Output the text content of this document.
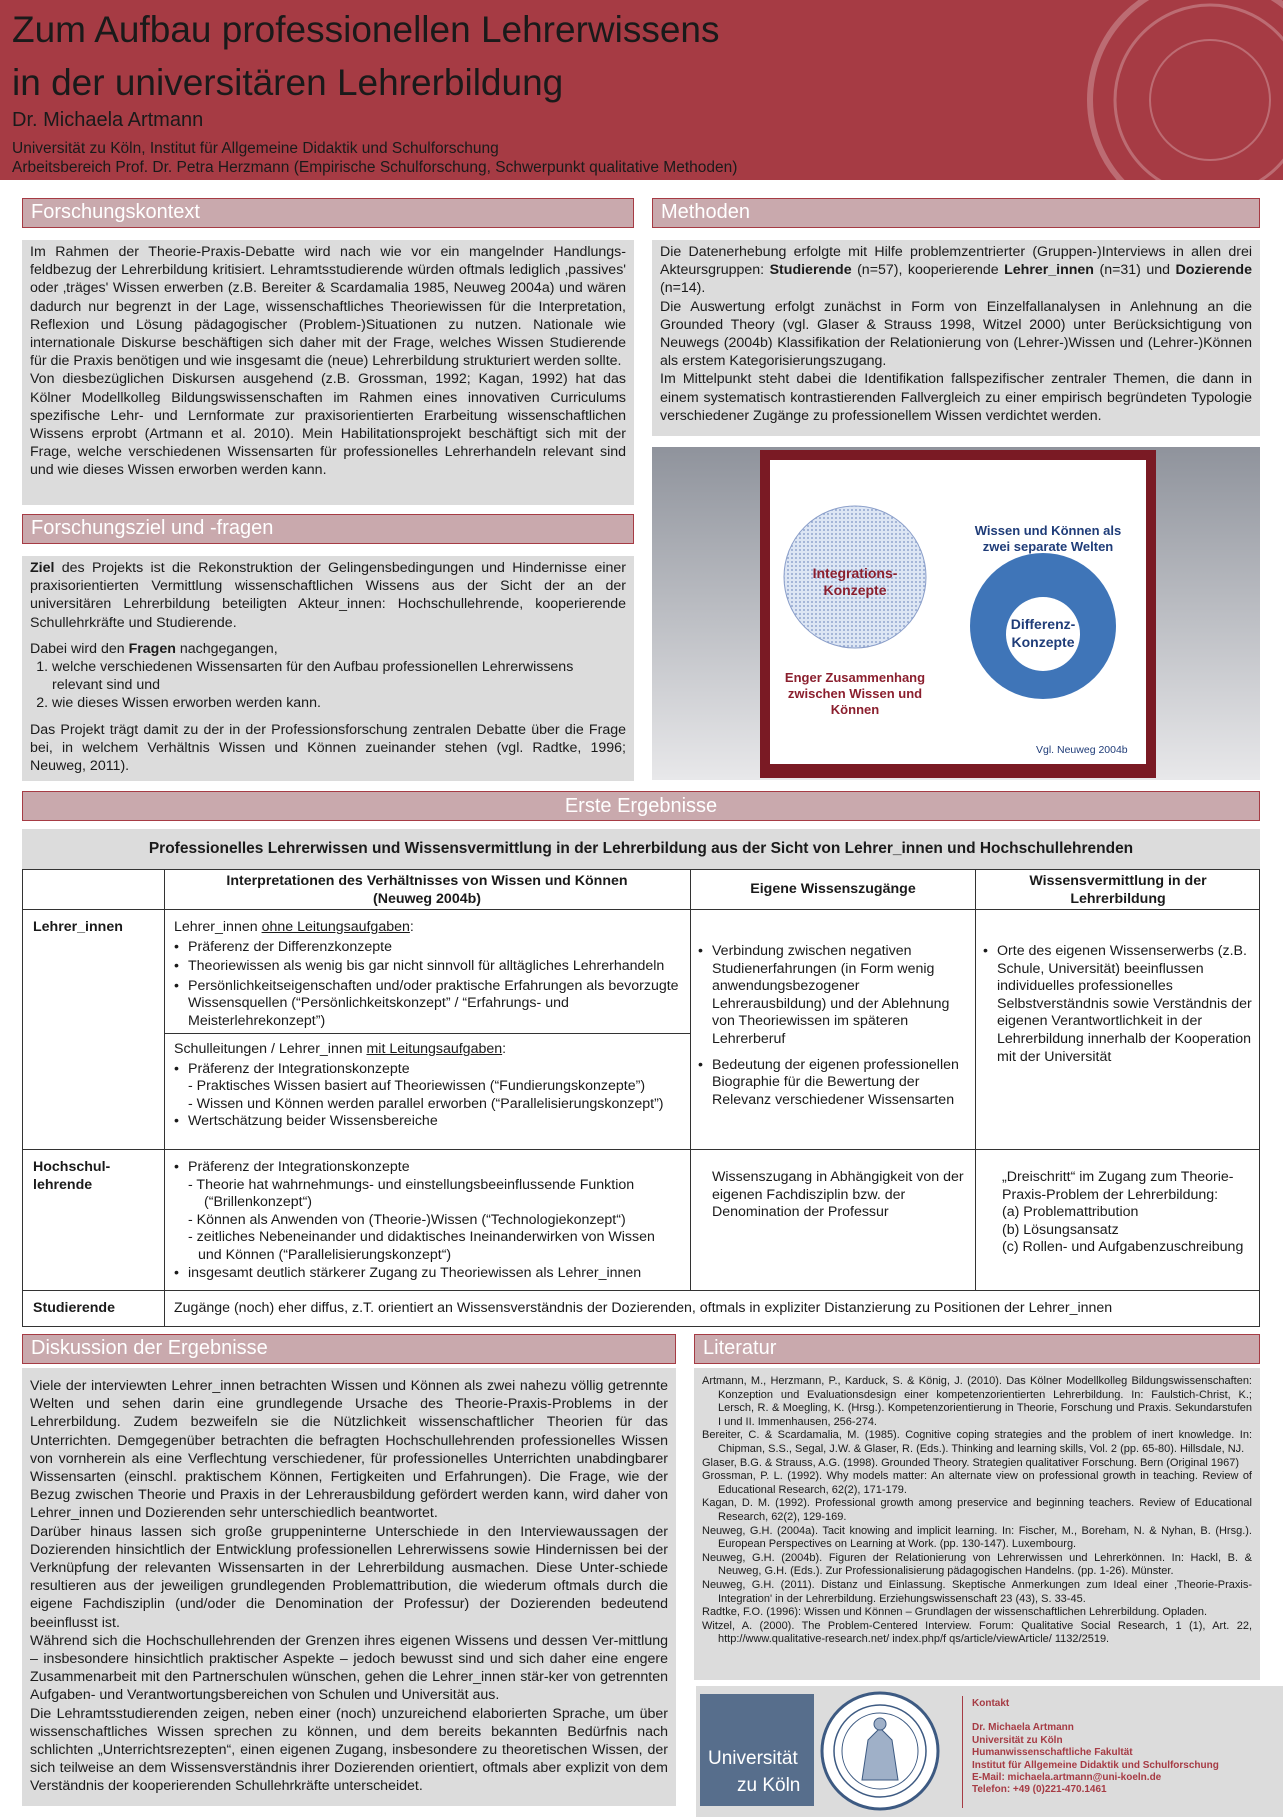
Zum Aufbau professionellen Lehrerwissens
in der universitären Lehrerbildung
Dr. Michaela Artmann
Universität zu Köln, Institut für Allgemeine Didaktik und Schulforschung
Arbeitsbereich Prof. Dr. Petra Herzmann (Empirische Schulforschung, Schwerpunkt qualitative Methoden)
Forschungskontext

Im Rahmen der Theorie-Praxis-Debatte wird nach wie vor ein mangelnder Handlungs-feldbezug der Lehrerbildung kritisiert. Lehramtsstudierende würden oftmals lediglich ‚passives' oder ‚träges' Wissen erwerben (z.B. Bereiter & Scardamalia 1985, Neuweg 2004a) und wären dadurch nur begrenzt in der Lage, wissenschaftliches Theoriewissen für die Interpretation, Reflexion und Lösung pädagogischer (Problem-)Situationen zu nutzen. Nationale wie internationale Diskurse beschäftigen sich daher mit der Frage, welches Wissen Studierende für die Praxis benötigen und wie insgesamt die (neue) Lehrerbildung strukturiert werden sollte.

Von diesbezüglichen Diskursen ausgehend (z.B. Grossman, 1992; Kagan, 1992) hat das Kölner Modellkolleg Bildungswissenschaften im Rahmen eines innovativen Curriculums spezifische Lehr- und Lernformate zur praxisorientierten Erarbeitung wissenschaftlichen Wissens erprobt (Artmann et al. 2010). Mein Habilitationsprojekt beschäftigt sich mit der Frage, welche verschiedenen Wissensarten für professionelles Lehrerhandeln relevant sind und wie dieses Wissen erworben werden kann.

Forschungsziel und -fragen

Ziel des Projekts ist die Rekonstruktion der Gelingensbedingungen und Hindernisse einer praxisorientierten Vermittlung wissenschaftlichen Wissens aus der Sicht der an der universitären Lehrerbildung beteiligten Akteur_innen: Hochschullehrende, kooperierende Schullehrkräfte und Studierende.

Dabei wird den Fragen nachgegangen,

1. welche verschiedenen Wissensarten für den Aufbau professionellen Lehrerwissens relevant sind und
2. wie dieses Wissen erworben werden kann.

Das Projekt trägt damit zu der in der Professionsforschung zentralen Debatte über die Frage bei, in welchem Verhältnis Wissen und Können zueinander stehen (vgl. Radtke, 1996; Neuweg, 2011).

Methoden

Die Datenerhebung erfolgte mit Hilfe problemzentrierter (Gruppen-)Interviews in allen drei Akteursgruppen: Studierende (n=57), kooperierende Lehrer_innen (n=31) und Dozierende (n=14).

Die Auswertung erfolgt zunächst in Form von Einzelfallanalysen in Anlehnung an die Grounded Theory (vgl. Glaser & Strauss 1998, Witzel 2000) unter Berücksichtigung von Neuwegs (2004b) Klassifikation der Relationierung von (Lehrer-)Wissen und (Lehrer-)Können als erstem Kategorisierungszugang.

Im Mittelpunkt steht dabei die Identifikation fallspezifischer zentraler Themen, die dann in einem systematisch kontrastierenden Fallvergleich zu einer empirisch begründeten Typologie verschiedener Zugänge zu professionellem Wissen verdichtet werden.

Integrations-
Konzepte
Enger Zusammenhang
zwischen Wissen und
Können
Wissen und Können als
zwei separate Welten
Differenz-
Konzepte
Vgl. Neuweg 2004b
Erste Ergebnisse
Professionelles Lehrerwissen und Wissensvermittlung in der Lehrerbildung aus der Sicht von Lehrer_innen und Hochschullehrenden
Interpretationen des Verhältnisses von Wissen und Können
(Neuweg 2004b)
Eigene Wissenszugänge	Wissensvermittlung in der
Lehrerbildung
Lehrer_innen
Hochschul-
lehrende
Studierende
Lehrer_innen ohne Leitungsaufgaben:
• Präferenz der Differenzkonzepte
• Theoriewissen als wenig bis gar nicht sinnvoll für alltägliches Lehrerhandeln
• Persönlichkeitseigenschaften und/oder praktische Erfahrungen als bevorzugte Wissensquellen (“Persönlichkeitskonzept” / “Erfahrungs- und Meisterlehrekonzept”)
Schulleitungen / Lehrer_innen mit Leitungsaufgaben:
• Präferenz der Integrationskonzepte
- Praktisches Wissen basiert auf Theoriewissen (“Fundierungskonzepte”)
- Wissen und Können werden parallel erworben (“Parallelisierungskonzept”)
• Wertschätzung beider Wissensbereiche
• Verbindung zwischen negativen Studienerfahrungen (in Form wenig anwendungsbezogener Lehrerausbildung) und der Ablehnung von Theoriewissen im späteren Lehrerberuf
• Bedeutung der eigenen professionellen Biographie für die Bewertung der Relevanz verschiedener Wissensarten
• Orte des eigenen Wissenserwerbs (z.B. Schule, Universität) beeinflussen individuelles professionelles Selbstverständnis sowie Verständnis der eigenen Verantwortlichkeit in der Lehrerbildung innerhalb der Kooperation mit der Universität
• Präferenz der Integrationskonzepte
- Theorie hat wahrnehmungs- und einstellungsbeeinflussende Funktion
(“Brillenkonzept“)
- Können als Anwenden von (Theorie-)Wissen (“Technologiekonzept“)
- zeitliches Nebeneinander und didaktisches Ineinanderwirken von Wissen
und Können (“Parallelisierungskonzept“)
• insgesamt deutlich stärkerer Zugang zu Theoriewissen als Lehrer_innen
Wissenszugang in Abhängigkeit von der eigenen Fachdisziplin bzw. der Denomination der Professur
„Dreischritt“ im Zugang zum Theorie-Praxis-Problem der Lehrerbildung:
(a) Problemattribution
(b) Lösungsansatz
(c) Rollen- und Aufgabenzuschreibung
Zugänge (noch) eher diffus, z.T. orientiert an Wissensverständnis der Dozierenden, oftmals in expliziter Distanzierung zu Positionen der Lehrer_innen
Diskussion der Ergebnisse

Viele der interviewten Lehrer_innen betrachten Wissen und Können als zwei nahezu völlig getrennte Welten und sehen darin eine grundlegende Ursache des Theorie-Praxis-Problems in der Lehrerbildung. Zudem bezweifeln sie die Nützlichkeit wissenschaftlicher Theorien für das Unterrichten. Demgegenüber betrachten die befragten Hochschullehrenden professionelles Wissen von vornherein als eine Verflechtung verschiedener, für professionelles Unterrichten unabdingbarer Wissensarten (einschl. praktischem Können, Fertigkeiten und Erfahrungen). Die Frage, wie der Bezug zwischen Theorie und Praxis in der Lehrerausbildung gefördert werden kann, wird daher von Lehrer_innen und Dozierenden sehr unterschiedlich beantwortet.

Darüber hinaus lassen sich große gruppeninterne Unterschiede in den Interviewaussagen der Dozierenden hinsichtlich der Entwicklung professionellen Lehrerwissens sowie Hindernissen bei der Verknüpfung der relevanten Wissensarten in der Lehrerbildung ausmachen. Diese Unter-schiede resultieren aus der jeweiligen grundlegenden Problemattribution, die wiederum oftmals durch die eigene Fachdisziplin (und/oder die Denomination der Professur) der Dozierenden bedeutend beeinflusst ist.

Während sich die Hochschullehrenden der Grenzen ihres eigenen Wissens und dessen Ver-mittlung – insbesondere hinsichtlich praktischer Aspekte – jedoch bewusst sind und sich daher eine engere Zusammenarbeit mit den Partnerschulen wünschen, gehen die Lehrer_innen stär-ker von getrennten Aufgaben- und Verantwortungsbereichen von Schulen und Universität aus.

Die Lehramtsstudierenden zeigen, neben einer (noch) unzureichend elaborierten Sprache, um über wissenschaftliches Wissen sprechen zu können, und dem bereits bekannten Bedürfnis nach schlichten „Unterrichtsrezepten“, einen eigenen Zugang, insbesondere zu theoretischen Wissen, der sich teilweise an dem Wissensverständnis ihrer Dozierenden orientiert, oftmals aber explizit von dem Verständnis der kooperierenden Schullehrkräfte unterscheidet.

Literatur

Artmann, M., Herzmann, P., Karduck, S. & König, J. (2010). Das Kölner Modellkolleg Bildungswissenschaften: Konzeption und Evaluationsdesign einer kompetenzorientierten Lehrerbildung. In: Faulstich-Christ, K.; Lersch, R. & Moegling, K. (Hrsg.). Kompetenzorientierung in Theorie, Forschung und Praxis. Sekundarstufen I und II. Immenhausen, 256-274.

Bereiter, C. & Scardamalia, M. (1985). Cognitive coping strategies and the problem of inert knowledge. In: Chipman, S.S., Segal, J.W. & Glaser, R. (Eds.). Thinking and learning skills, Vol. 2 (pp. 65-80). Hillsdale, NJ.

Glaser, B.G. & Strauss, A.G. (1998). Grounded Theory. Strategien qualitativer Forschung. Bern (Original 1967)

Grossman, P. L. (1992). Why models matter: An alternate view on professional growth in teaching. Review of Educational Research, 62(2), 171-179.

Kagan, D. M. (1992). Professional growth among preservice and beginning teachers. Review of Educational Research, 62(2), 129-169.

Neuweg, G.H. (2004a). Tacit knowing and implicit learning. In: Fischer, M., Boreham, N. & Nyhan, B. (Hrsg.). European Perspectives on Learning at Work. (pp. 130-147). Luxembourg.

Neuweg, G.H. (2004b). Figuren der Relationierung von Lehrerwissen und Lehrerkönnen. In: Hackl, B. & Neuweg, G.H. (Eds.). Zur Professionalisierung pädagogischen Handelns. (pp. 1-26). Münster.

Neuweg, G.H. (2011). Distanz und Einlassung. Skeptische Anmerkungen zum Ideal einer ‚Theorie-Praxis-Integration' in der Lehrerbildung. Erziehungswissenschaft 23 (43), S. 33-45.

Radtke, F.O. (1996): Wissen und Können – Grundlagen der wissenschaftlichen Lehrerbildung. Opladen.

Witzel, A. (2000). The Problem-Centered Interview. Forum: Qualitative Social Research, 1 (1), Art. 22, http://www.qualitative-research.net/ index.php/f qs/article/viewArticle/ 1132/2519.

Universität
zu Köln
Kontakt
Dr. Michaela Artmann
Universität zu Köln
Humanwissenschaftliche Fakultät
Institut für Allgemeine Didaktik und Schulforschung
E-Mail: michaela.artmann@uni-koeln.de
Telefon: +49 (0)221-470.1461
